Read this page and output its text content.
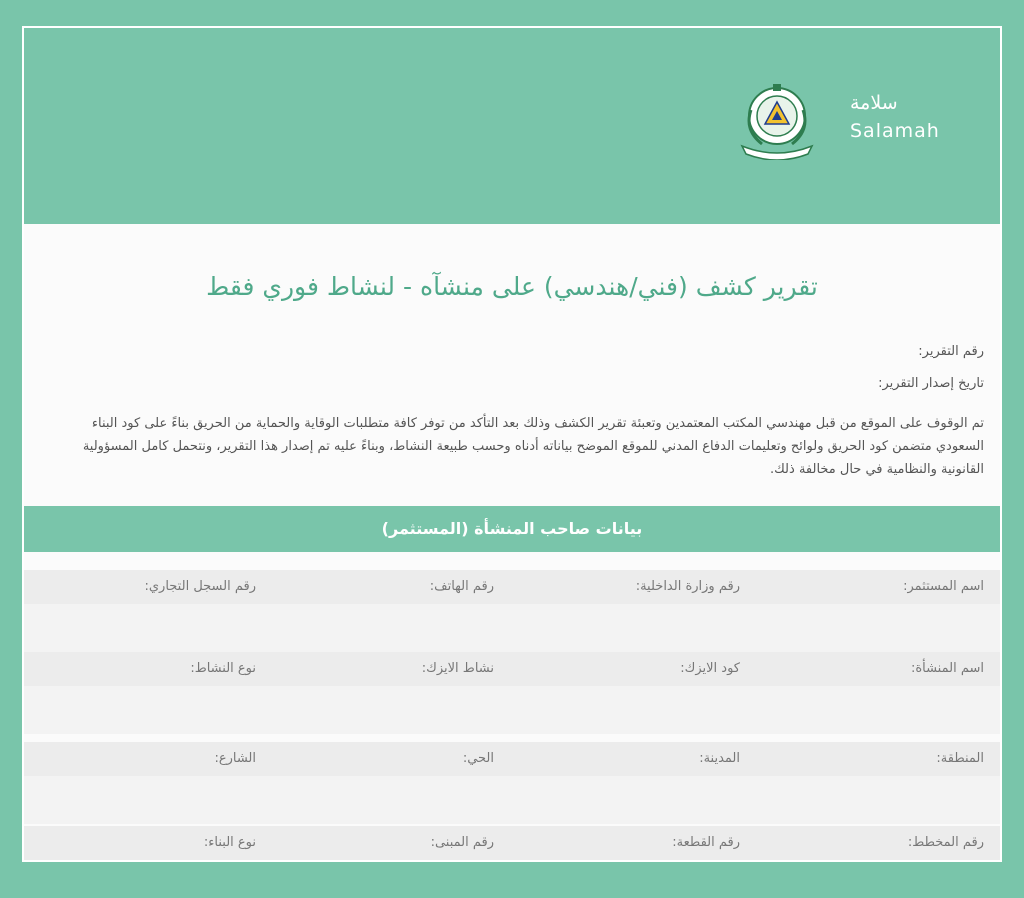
سلامة
Salamah
تقرير كشف (فني/هندسي) على منشآه - لنشاط فوري فقط
رقم التقرير:
تاريخ إصدار التقرير:
تم الوقوف على الموقع من قبل مهندسي المكتب المعتمدين وتعبئة تقرير الكشف وذلك بعد التأكد من توفر كافة متطلبات الوقاية والحماية من الحريق بناءً على كود البناء السعودي متضمن كود الحريق ولوائح وتعليمات الدفاع المدني للموقع الموضح بياناته أدناه وحسب طبيعة النشاط، وبناءً عليه تم إصدار هذا التقرير، ونتحمل كامل المسؤولية القانونية والنظامية في حال مخالفة ذلك.
بيانات صاحب المنشأة (المستثمر)
اسم المستثمر:
رقم وزارة الداخلية:
رقم الهاتف:
رقم السجل التجاري:
اسم المنشأة:
كود الايزك:
نشاط الايزك:
نوع النشاط:
المنطقة:
المدينة:
الحي:
الشارع:
رقم المخطط:
رقم القطعة:
رقم المبنى:
نوع البناء:
